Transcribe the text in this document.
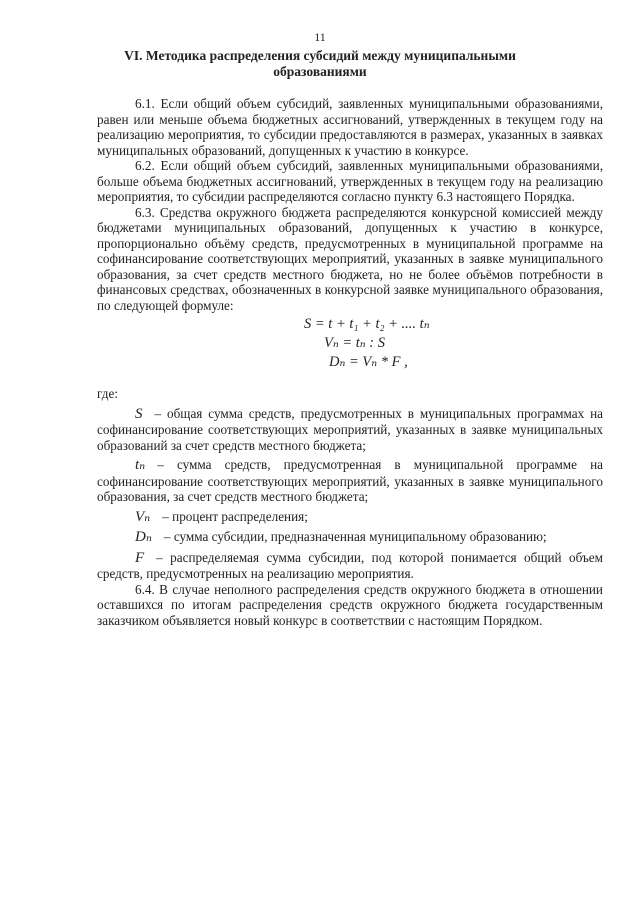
11
VI. Методика распределения субсидий между муниципальными образованиями

6.1. Если общий объем субсидий, заявленных муниципальными образованиями, равен или меньше объема бюджетных ассигнований, утвержденных в текущем году на реализацию мероприятия, то субсидии предоставляются в размерах, указанных в заявках муниципальных образований, допущенных к участию в конкурсе.

6.2. Если общий объем субсидий, заявленных муниципальными образованиями, больше объема бюджетных ассигнований, утвержденных в текущем году на реализацию мероприятия, то субсидии распределяются согласно пункту 6.3 настоящего Порядка.

6.3. Средства окружного бюджета распределяются конкурсной комиссией между бюджетами муниципальных образований, допущенных к участию в конкурсе, пропорционально объёму средств, предусмотренных в муниципальной программе на софинансирование соответствующих мероприятий, указанных в заявке муниципального образования, за счет средств местного бюджета, но не более объёмов потребности в финансовых средствах, обозначенных в конкурсной заявке муниципального образования, по следующей формуле:

S = t + t₁ + t₂ + .... tₙ
Vₙ = tₙ : S
Dₙ = Vₙ * F ,

где:

S – общая сумма средств, предусмотренных в муниципальных программах на софинансирование соответствующих мероприятий, указанных в заявке муниципальных образований за счет средств местного бюджета;

tₙ – сумма средств, предусмотренная в муниципальной программе на софинансирование соответствующих мероприятий, указанных в заявке муниципального образования, за счет средств местного бюджета;

Vₙ – процент распределения;

Dₙ – сумма субсидии, предназначенная муниципальному образованию;

F – распределяемая сумма субсидии, под которой понимается общий объем средств, предусмотренных на реализацию мероприятия.

6.4. В случае неполного распределения средств окружного бюджета в отношении оставшихся по итогам распределения средств окружного бюджета государственным заказчиком объявляется новый конкурс в соответствии с настоящим Порядком.
